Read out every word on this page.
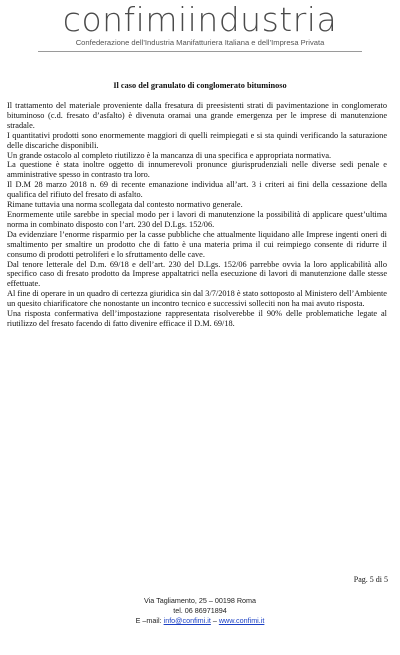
confimiindustria
Confederazione dell’Industria Manifatturiera Italiana e dell’Impresa Privata
Il caso del granulato di conglomerato bituminoso

Il trattamento del materiale proveniente dalla fresatura di preesistenti strati di pavimentazione in conglomerato bituminoso (c.d. fresato d’asfalto) è divenuta oramai una grande emergenza per le imprese di manutenzione stradale.

I quantitativi prodotti sono enormemente maggiori di quelli reimpiegati e si sta quindi verificando la saturazione delle discariche disponibili.

Un grande ostacolo al completo riutilizzo è la mancanza di una specifica e appropriata normativa.

La questione è stata inoltre oggetto di innumerevoli pronunce giurisprudenziali nelle diverse sedi penale e amministrative spesso in contrasto tra loro.

Il D.M 28 marzo 2018 n. 69 di recente emanazione individua all’art. 3 i criteri ai fini della cessazione della qualifica del rifiuto del fresato di asfalto.

Rimane tuttavia una norma scollegata dal contesto normativo generale.

Enormemente utile sarebbe in special modo per i lavori di manutenzione la possibilità di applicare quest’ultima norma in combinato disposto con l’art. 230 del D.Lgs. 152/06.

Da evidenziare l’enorme risparmio per la casse pubbliche che attualmente liquidano alle Imprese ingenti oneri di smaltimento per smaltire un prodotto che di fatto è una materia prima il cui reimpiego consente di ridurre il consumo di prodotti petroliferi e lo sfruttamento delle cave.

Dal tenore letterale del D.m. 69/18 e dell’art. 230 del D.Lgs. 152/06 parrebbe ovvia la loro applicabilità allo specifico caso di fresato prodotto da Imprese appaltatrici nella esecuzione di lavori di manutenzione dalle stesse effettuate.

Al fine di operare in un quadro di certezza giuridica sin dal 3/7/2018 è stato sottoposto al Ministero dell’Ambiente un quesito chiarificatore che nonostante un incontro tecnico e successivi solleciti non ha mai avuto risposta.

Una risposta confermativa dell’impostazione rappresentata risolverebbe il 90% delle problematiche legate al riutilizzo del fresato facendo di fatto divenire efficace il D.M. 69/18.

Pag. 5 di 5
Via Tagliamento, 25 – 00198 Roma
tel. 06 86971894
E –mail: info@confimi.it – www.confimi.it
